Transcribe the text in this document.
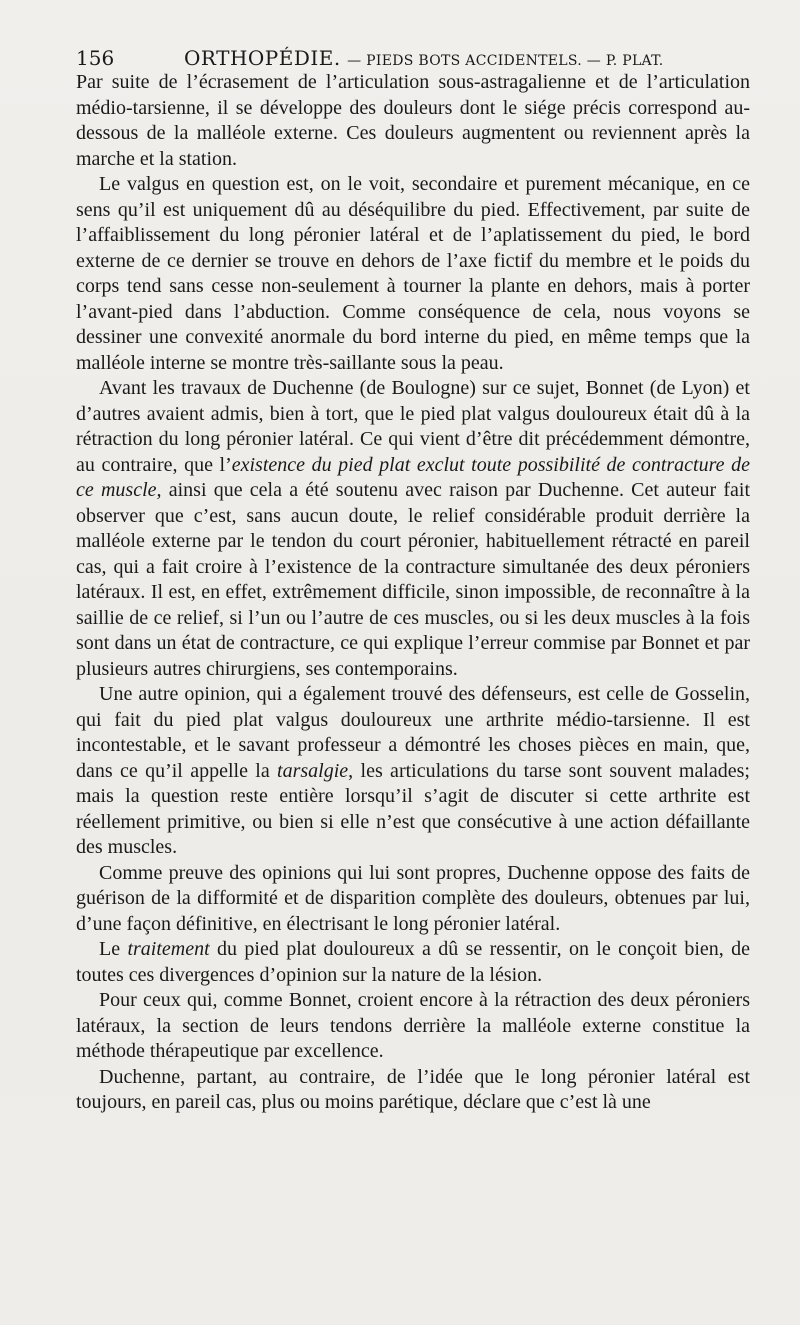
156	ORTHOPÉDIE. — PIEDS BOTS ACCIDENTELS. — P. PLAT.

Par suite de l’écrasement de l’articulation sous-astragalienne et de l’articulation médio-tarsienne, il se développe des douleurs dont le siége précis correspond au-dessous de la malléole externe. Ces douleurs augmentent ou reviennent après la marche et la station.

Le valgus en question est, on le voit, secondaire et purement mécanique, en ce sens qu’il est uniquement dû au déséquilibre du pied. Effectivement, par suite de l’affaiblissement du long péronier latéral et de l’aplatissement du pied, le bord externe de ce dernier se trouve en dehors de l’axe fictif du membre et le poids du corps tend sans cesse non-seulement à tourner la plante en dehors, mais à porter l’avant-pied dans l’abduction. Comme conséquence de cela, nous voyons se dessiner une convexité anormale du bord interne du pied, en même temps que la malléole interne se montre très-saillante sous la peau.

Avant les travaux de Duchenne (de Boulogne) sur ce sujet, Bonnet (de Lyon) et d’autres avaient admis, bien à tort, que le pied plat valgus douloureux était dû à la rétraction du long péronier latéral. Ce qui vient d’être dit précédemment démontre, au contraire, que l’existence du pied plat exclut toute possibilité de contracture de ce muscle, ainsi que cela a été soutenu avec raison par Duchenne. Cet auteur fait observer que c’est, sans aucun doute, le relief considérable produit derrière la malléole externe par le tendon du court péronier, habituellement rétracté en pareil cas, qui a fait croire à l’existence de la contracture simultanée des deux péroniers latéraux. Il est, en effet, extrêmement difficile, sinon impossible, de reconnaître à la saillie de ce relief, si l’un ou l’autre de ces muscles, ou si les deux muscles à la fois sont dans un état de contracture, ce qui explique l’erreur commise par Bonnet et par plusieurs autres chirurgiens, ses contemporains.

Une autre opinion, qui a également trouvé des défenseurs, est celle de Gosselin, qui fait du pied plat valgus douloureux une arthrite médio-tarsienne. Il est incontestable, et le savant professeur a démontré les choses pièces en main, que, dans ce qu’il appelle la tarsalgie, les articulations du tarse sont souvent malades; mais la question reste entière lorsqu’il s’agit de discuter si cette arthrite est réellement primitive, ou bien si elle n’est que consécutive à une action défaillante des muscles.

Comme preuve des opinions qui lui sont propres, Duchenne oppose des faits de guérison de la difformité et de disparition complète des douleurs, obtenues par lui, d’une façon définitive, en électrisant le long péronier latéral.

Le traitement du pied plat douloureux a dû se ressentir, on le conçoit bien, de toutes ces divergences d’opinion sur la nature de la lésion.

Pour ceux qui, comme Bonnet, croient encore à la rétraction des deux péroniers latéraux, la section de leurs tendons derrière la malléole externe constitue la méthode thérapeutique par excellence.

Duchenne, partant, au contraire, de l’idée que le long péronier latéral est toujours, en pareil cas, plus ou moins parétique, déclare que c’est là une
